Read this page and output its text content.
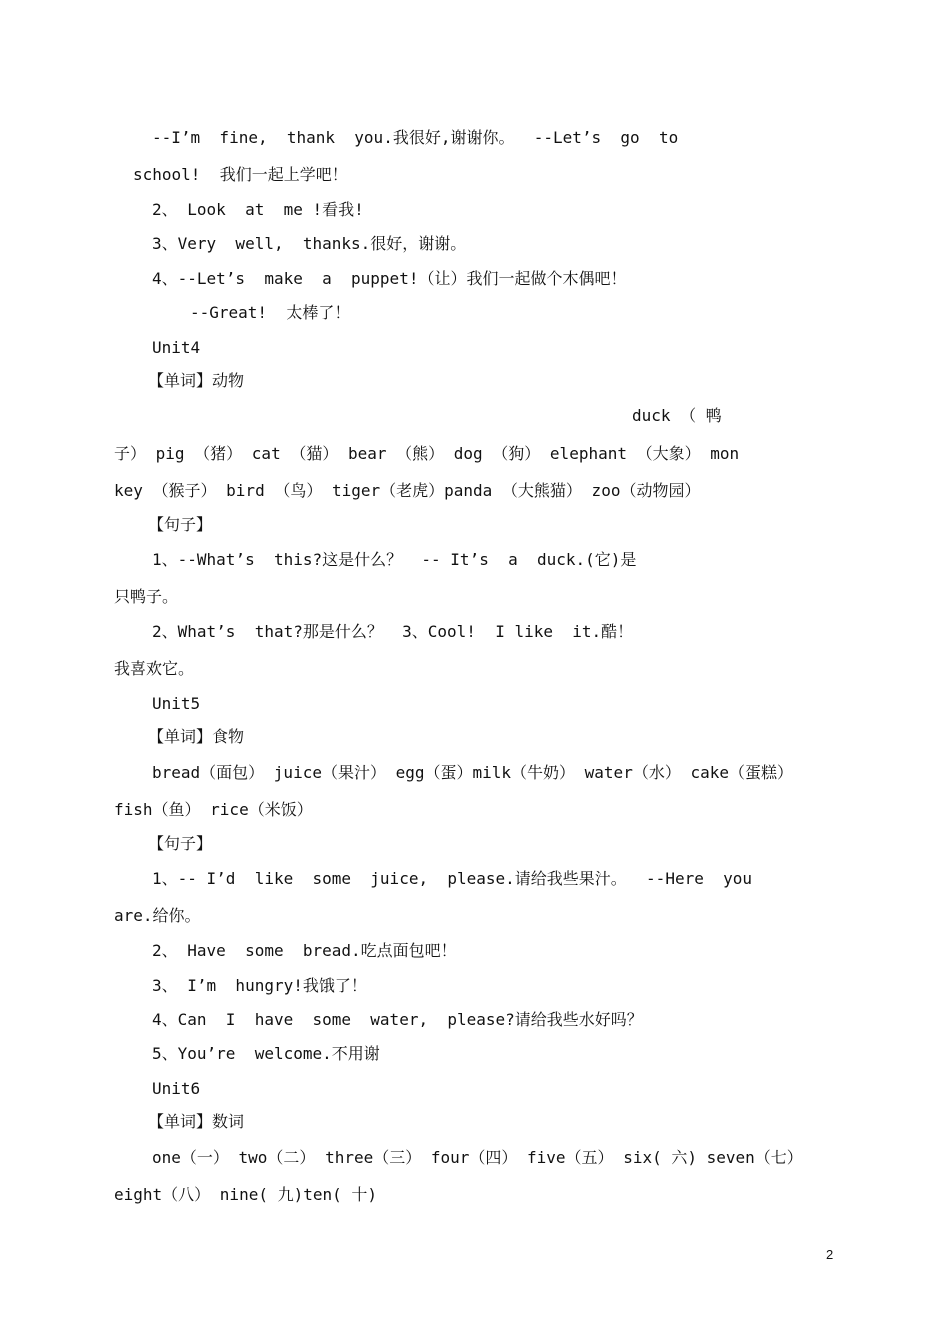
--I’m  fine,  thank  you.我很好,谢谢你。  --Let’s  go  to
school!  我们一起上学吧！
2、 Look  at  me !看我!
3、Very  well,  thanks.很好，谢谢。
4、--Let’s  make  a  puppet!（让）我们一起做个木偶吧！
--Great!  太棒了！
Unit4
【单词】动物
duck （ 鸭
子） pig （猪） cat （猫） bear （熊） dog （狗） elephant （大象） mon
key （猴子） bird （鸟） tiger（老虎）panda （大熊猫） zoo（动物园）
【句子】
1、--What’s  this?这是什么？  -- It’s  a  duck.(它)是
只鸭子。
2、What’s  that?那是什么？  3、Cool!  I like  it.酷！
我喜欢它。
Unit5
【单词】食物
bread（面包） juice（果汁） egg（蛋）milk（牛奶） water（水） cake（蛋糕）
fish（鱼） rice（米饭）
【句子】
1、-- I’d  like  some  juice,  please.请给我些果汁。  --Here  you
are.给你。
2、 Have  some  bread.吃点面包吧！
3、 I’m  hungry!我饿了！
4、Can  I  have  some  water,  please?请给我些水好吗？
5、You’re  welcome.不用谢
Unit6
【单词】数词
one（一） two（二） three（三） four（四） five（五） six( 六) seven（七）
eight（八） nine( 九)ten( 十)
2
